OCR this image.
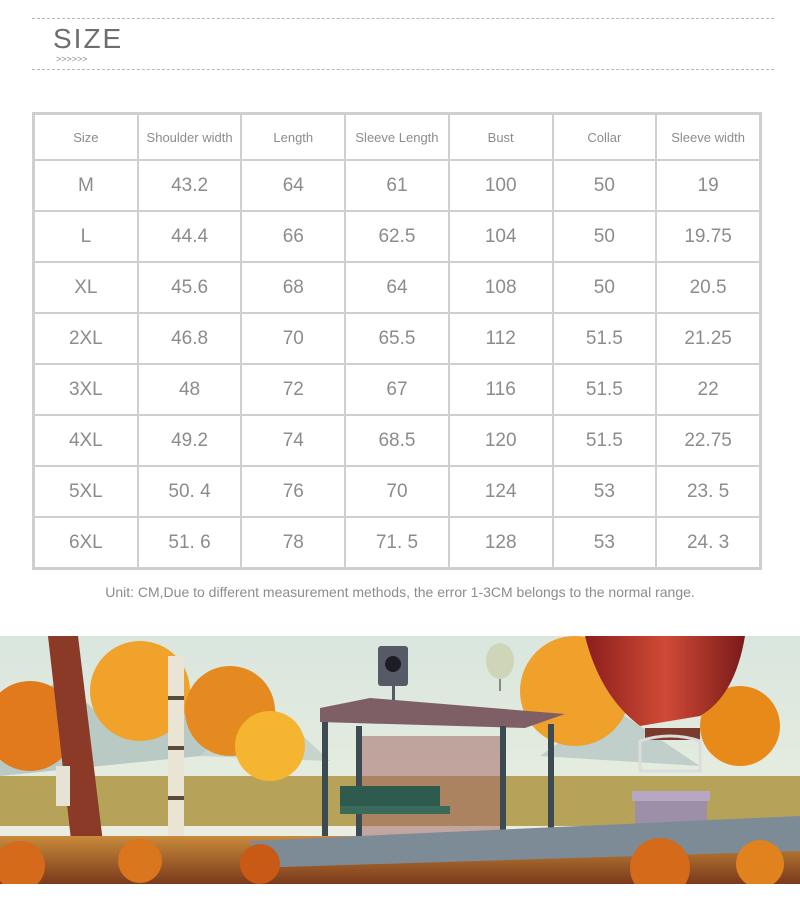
SIZE
>>>>>>
Size	Shoulder width	Length	Sleeve Length	Bust	Collar	Sleeve width
M	43.2	64	61	100	50	19
L	44.4	66	62.5	104	50	19.75
XL	45.6	68	64	108	50	20.5
2XL	46.8	70	65.5	112	51.5	21.25
3XL	48	72	67	116	51.5	22
4XL	49.2	74	68.5	120	51.5	22.75
5XL	50. 4	76	70	124	53	23. 5
6XL	51. 6	78	71. 5	128	53	24. 3
Unit: CM,Due to different measurement methods, the error 1-3CM belongs to the normal range.
